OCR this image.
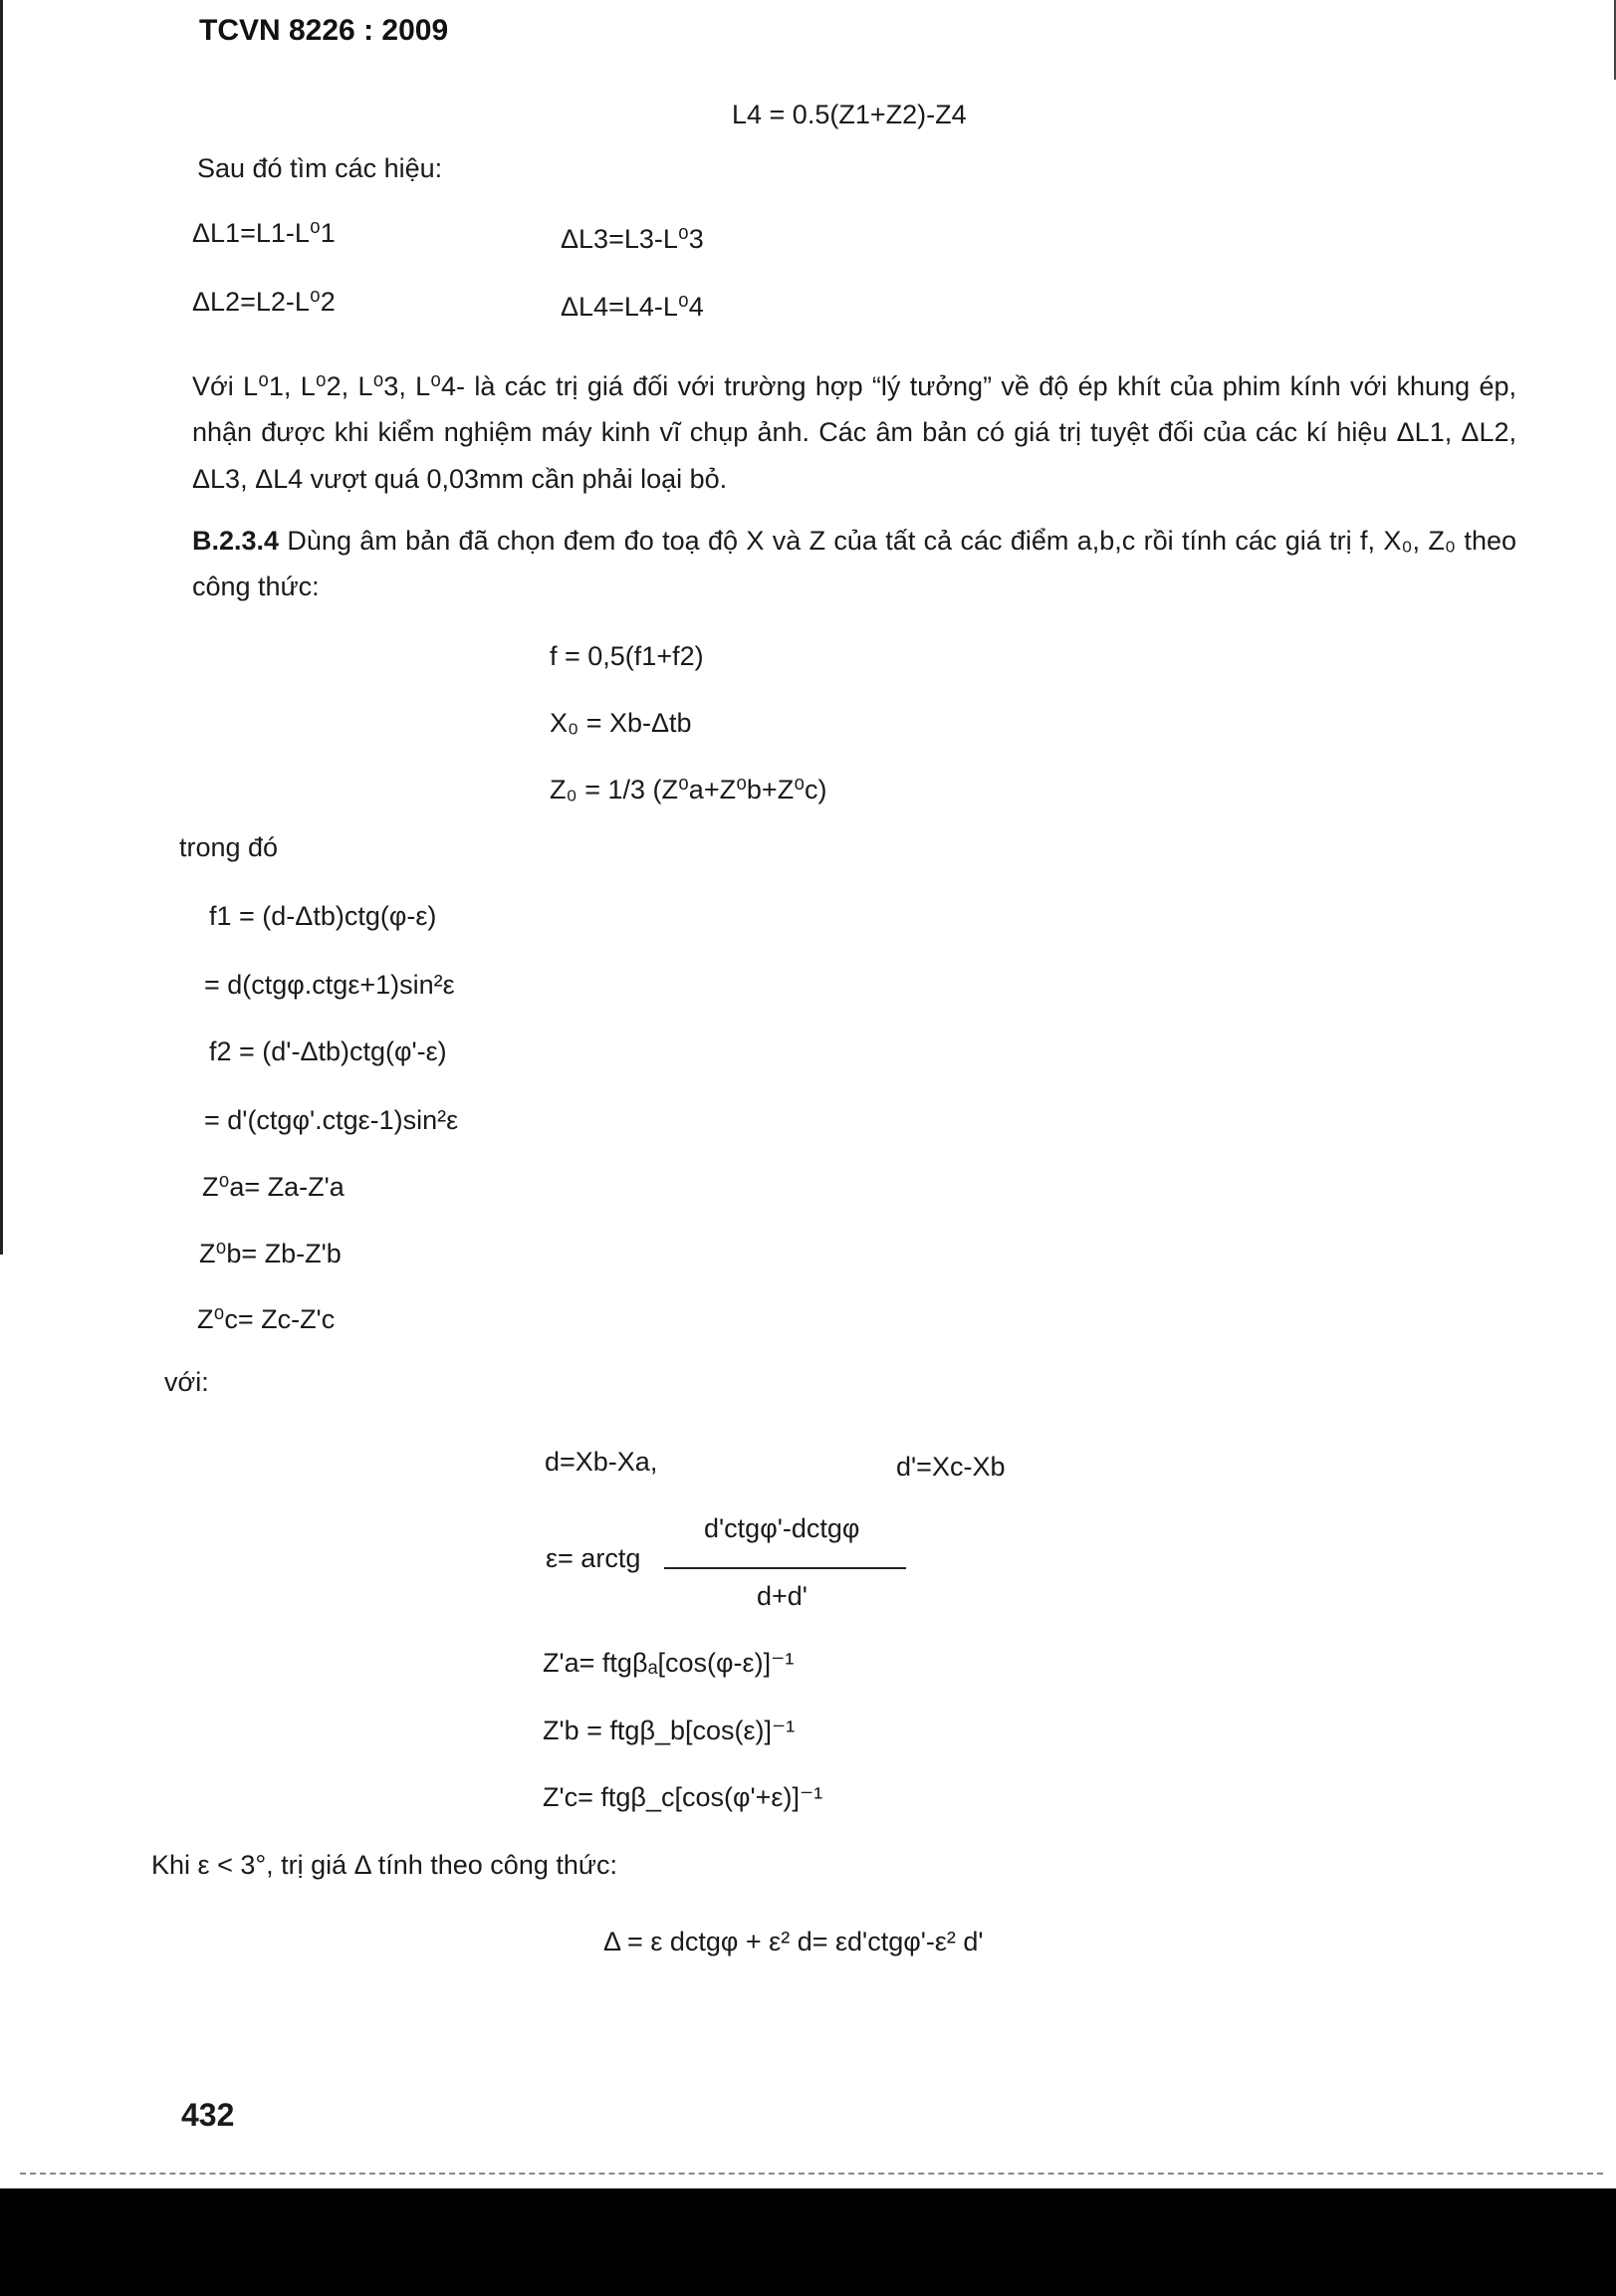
TCVN 8226 : 2009
L4 = 0.5(Z1+Z2)-Z4
Sau đó tìm các hiệu:
ΔL1=L1-L⁰1	ΔL3=L3-L⁰3
ΔL2=L2-L⁰2	ΔL4=L4-L⁰4
Với L⁰1, L⁰2, L⁰3, L⁰4- là các trị giá đối với trường hợp “lý tưởng” về độ ép khít của phim kính với khung ép, nhận được khi kiểm nghiệm máy kinh vĩ chụp ảnh. Các âm bản có giá trị tuyệt đối của các kí hiệu ΔL1, ΔL2, ΔL3, ΔL4 vượt quá 0,03mm cần phải loại bỏ.
B.2.3.4 Dùng âm bản đã chọn đem đo toạ độ X và Z của tất cả các điểm a,b,c rồi tính các giá trị f, X₀, Z₀ theo công thức:
f = 0,5(f1+f2)
X₀ = Xb-Δtb
Z₀ = 1/3 (Z⁰a+Z⁰b+Z⁰c)
trong đó
f1 = (d-Δtb)ctg(φ-ε)
= d(ctgφ.ctgε+1)sin²ε
f2 = (d'-Δtb)ctg(φ'-ε)
= d'(ctgφ'.ctgε-1)sin²ε
Z⁰a= Za-Z'a
Z⁰b= Zb-Z'b
Z⁰c= Zc-Z'c
với:
d=Xb-Xa,	d'=Xc-Xb
d'ctgφ'-dctgφ
ε= arctg
d+d'
Z'a= ftgβₐ[cos(φ-ε)]⁻¹
Z'b = ftgβ_b[cos(ε)]⁻¹
Z'c= ftgβ_c[cos(φ'+ε)]⁻¹
Khi ε < 3°, trị giá Δ tính theo công thức:
Δ = ε dctgφ + ε² d= εd'ctgφ'-ε² d'
432
